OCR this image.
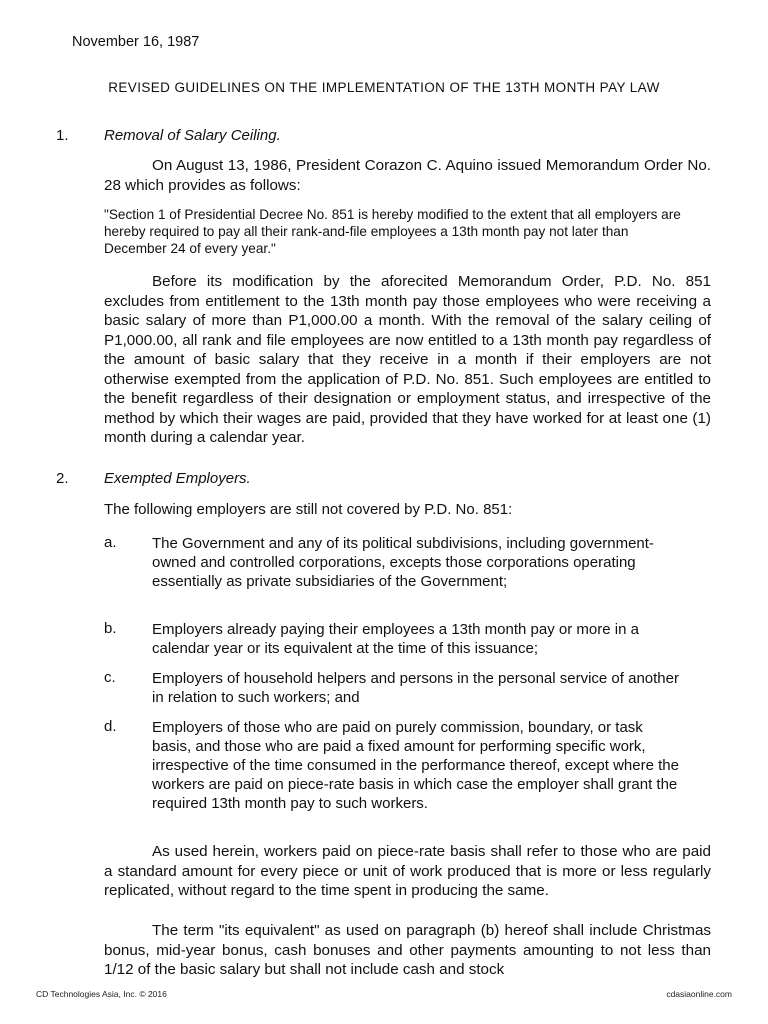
November 16, 1987
REVISED GUIDELINES ON THE IMPLEMENTATION OF THE 13TH MONTH PAY LAW
1. Removal of Salary Ceiling.

On August 13, 1986, President Corazon C. Aquino issued Memorandum Order No. 28 which provides as follows:

"Section 1 of Presidential Decree No. 851 is hereby modified to the extent that all employers are hereby required to pay all their rank-and-file employees a 13th month pay not later than December 24 of every year."

Before its modification by the aforecited Memorandum Order, P.D. No. 851 excludes from entitlement to the 13th month pay those employees who were receiving a basic salary of more than P1,000.00 a month. With the removal of the salary ceiling of P1,000.00, all rank and file employees are now entitled to a 13th month pay regardless of the amount of basic salary that they receive in a month if their employers are not otherwise exempted from the application of P.D. No. 851. Such employees are entitled to the benefit regardless of their designation or employment status, and irrespective of the method by which their wages are paid, provided that they have worked for at least one (1) month during a calendar year.

2. Exempted Employers.
The following employers are still not covered by P.D. No. 851:
a. The Government and any of its political subdivisions, including government-owned and controlled corporations, excepts those corporations operating essentially as private subsidiaries of the Government;

b. Employers already paying their employees a 13th month pay or more in a calendar year or its equivalent at the time of this issuance;

c. Employers of household helpers and persons in the personal service of another in relation to such workers; and

d. Employers of those who are paid on purely commission, boundary, or task basis, and those who are paid a fixed amount for performing specific work, irrespective of the time consumed in the performance thereof, except where the workers are paid on piece-rate basis in which case the employer shall grant the required 13th month pay to such workers.

As used herein, workers paid on piece-rate basis shall refer to those who are paid a standard amount for every piece or unit of work produced that is more or less regularly replicated, without regard to the time spent in producing the same.

The term "its equivalent" as used on paragraph (b) hereof shall include Christmas bonus, mid-year bonus, cash bonuses and other payments amounting to not less than 1/12 of the basic salary but shall not include cash and stock

CD Technologies Asia, Inc. © 2016	cdasiaonline.com
